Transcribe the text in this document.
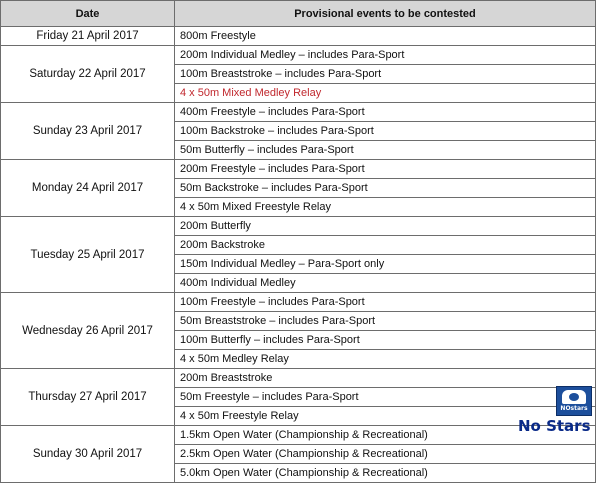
Date	Provisional events to be contested
Friday 21 April 2017	800m Freestyle
Saturday 22 April 2017	200m Individual Medley – includes Para-Sport
	100m Breaststroke – includes Para-Sport
	4 x 50m Mixed Medley Relay
Sunday 23 April 2017	400m Freestyle – includes Para-Sport
	100m Backstroke – includes Para-Sport
	50m Butterfly – includes Para-Sport
Monday 24 April 2017	200m Freestyle – includes Para-Sport
	50m Backstroke – includes Para-Sport
	4 x 50m Mixed Freestyle Relay
Tuesday 25 April 2017	200m Butterfly
	200m Backstroke
	150m Individual Medley – Para-Sport only
	400m Individual Medley
Wednesday 26 April 2017	100m Freestyle – includes Para-Sport
	50m Breaststroke – includes Para-Sport
	100m Butterfly – includes Para-Sport
	4 x 50m Medley Relay
Thursday 27 April 2017	200m Breaststroke
	50m Freestyle – includes Para-Sport
	4 x 50m Freestyle Relay
Sunday 30 April 2017	1.5km Open Water (Championship & Recreational)
	2.5km Open Water (Championship & Recreational)
	5.0km Open Water (Championship & Recreational)
NOstars
No Stars
